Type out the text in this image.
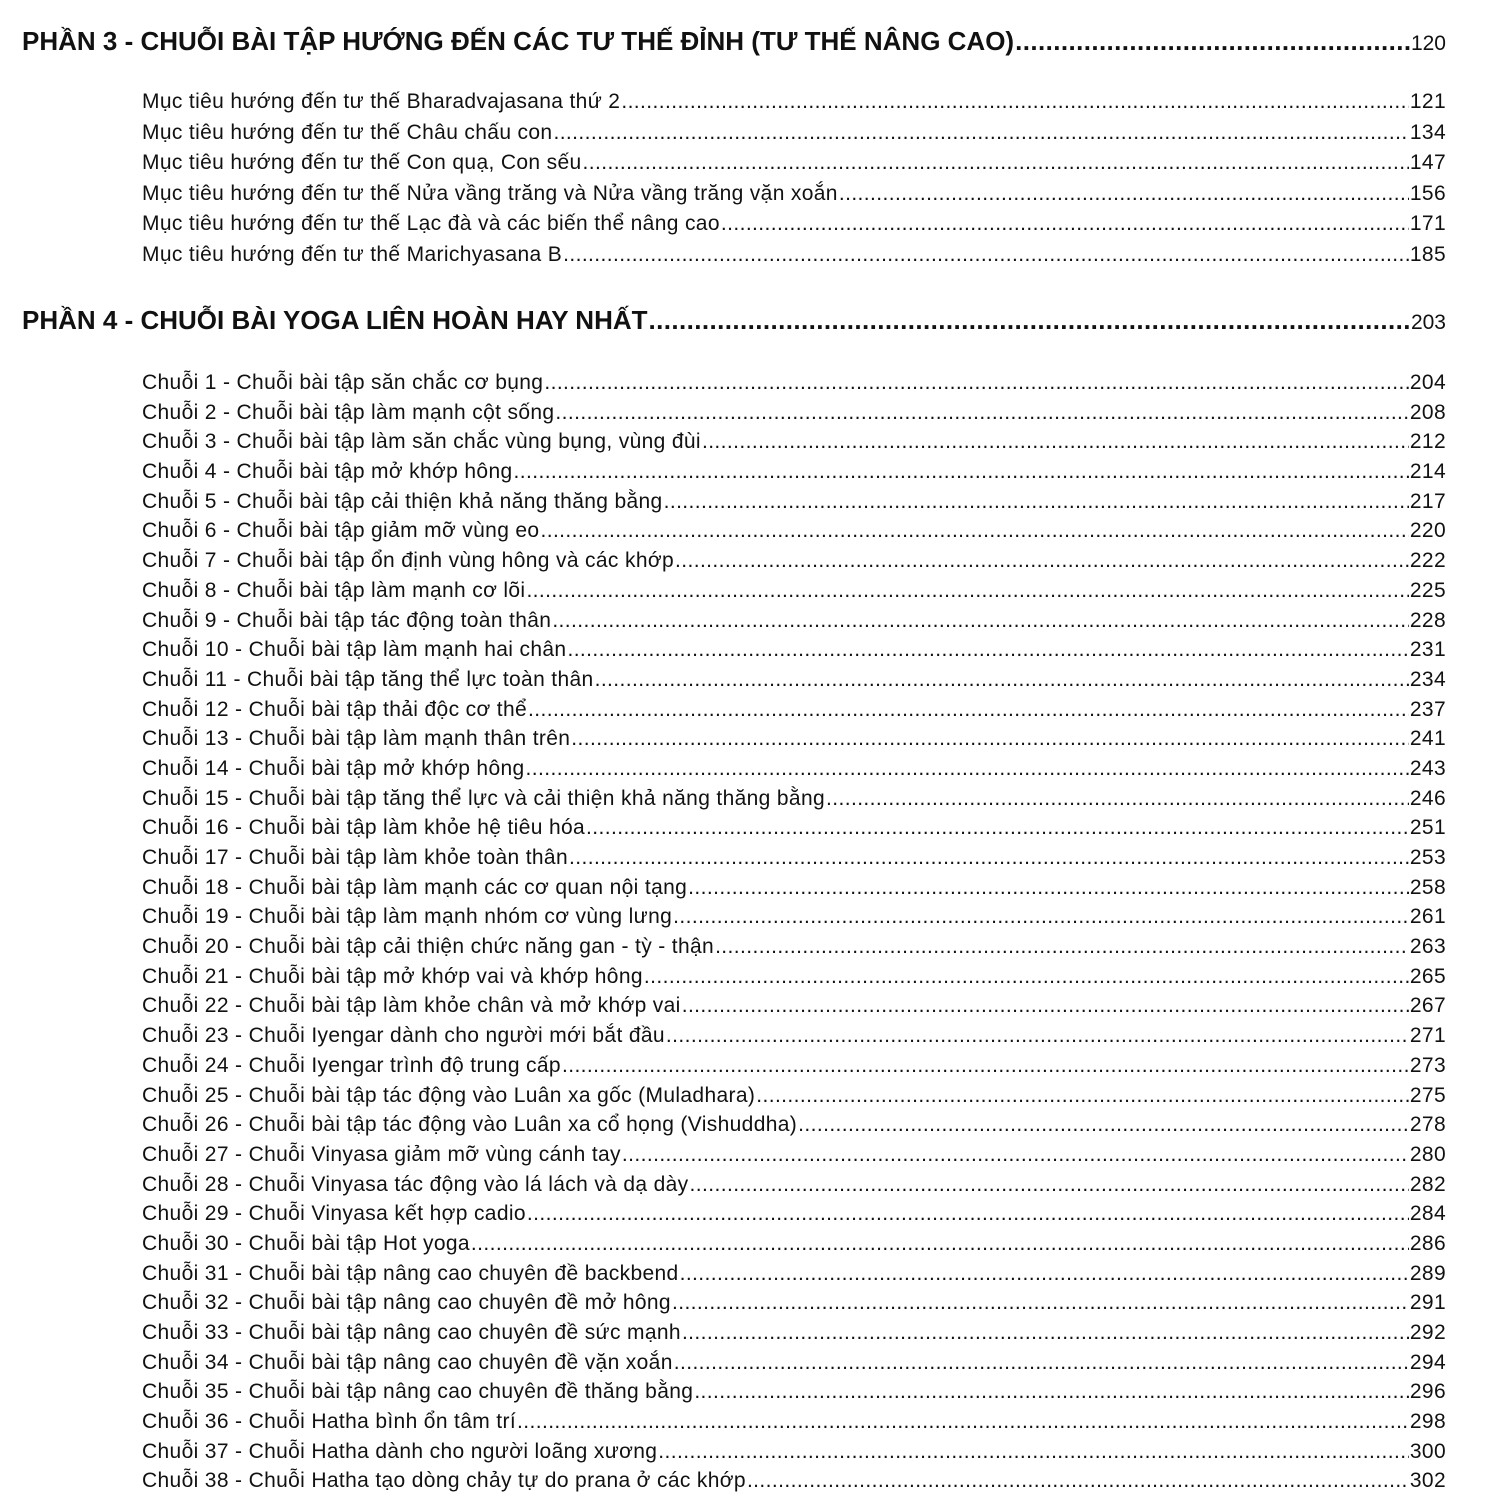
PHẦN 3 - CHUỖI BÀI TẬP HƯỚNG ĐẾN CÁC TƯ THẾ ĐỈNH (TƯ THẾ NÂNG CAO) .....	120
Mục tiêu hướng đến tư thế Bharadvajasana thứ 2 .....	121
Mục tiêu hướng đến tư thế Châu chấu con .....	134
Mục tiêu hướng đến tư thế Con quạ, Con sếu .....	147
Mục tiêu hướng đến tư thế Nửa vầng trăng và Nửa vầng trăng vặn xoắn .....	156
Mục tiêu hướng đến tư thế Lạc đà và các biến thể nâng cao .....	171
Mục tiêu hướng đến tư thế Marichyasana B .....	185
PHẦN 4 - CHUỖI BÀI YOGA LIÊN HOÀN HAY NHẤT .....	203
Chuỗi 1 - Chuỗi bài tập săn chắc cơ bụng .....	204
Chuỗi 2 - Chuỗi bài tập làm mạnh cột sống .....	208
Chuỗi 3 - Chuỗi bài tập làm săn chắc vùng bụng, vùng đùi .....	212
Chuỗi 4 - Chuỗi bài tập mở khớp hông .....	214
Chuỗi 5 - Chuỗi bài tập cải thiện khả năng thăng bằng .....	217
Chuỗi 6 - Chuỗi bài tập giảm mỡ vùng eo .....	220
Chuỗi 7 - Chuỗi bài tập ổn định vùng hông và các khớp .....	222
Chuỗi 8 - Chuỗi bài tập làm mạnh cơ lõi .....	225
Chuỗi 9 - Chuỗi bài tập tác động toàn thân .....	228
Chuỗi 10 - Chuỗi bài tập làm mạnh hai chân .....	231
Chuỗi 11 - Chuỗi bài tập tăng thể lực toàn thân .....	234
Chuỗi 12 - Chuỗi bài tập thải độc cơ thể .....	237
Chuỗi 13 - Chuỗi bài tập làm mạnh thân trên .....	241
Chuỗi 14 - Chuỗi bài tập mở khớp hông .....	243
Chuỗi 15 - Chuỗi bài tập tăng thể lực và cải thiện khả năng thăng bằng .....	246
Chuỗi 16 - Chuỗi bài tập làm khỏe hệ tiêu hóa .....	251
Chuỗi 17 - Chuỗi bài tập làm khỏe toàn thân .....	253
Chuỗi 18 - Chuỗi bài tập làm mạnh các cơ quan nội tạng .....	258
Chuỗi 19 - Chuỗi bài tập làm mạnh nhóm cơ vùng lưng .....	261
Chuỗi 20 - Chuỗi bài tập cải thiện chức năng gan - tỳ - thận .....	263
Chuỗi 21 - Chuỗi bài tập mở khớp vai và khớp hông .....	265
Chuỗi 22 - Chuỗi bài tập làm khỏe chân và mở khớp vai .....	267
Chuỗi 23 - Chuỗi Iyengar dành cho người mới bắt đầu .....	271
Chuỗi 24 - Chuỗi Iyengar trình độ trung cấp .....	273
Chuỗi 25 - Chuỗi bài tập tác động vào Luân xa gốc (Muladhara) .....	275
Chuỗi 26 - Chuỗi bài tập tác động vào Luân xa cổ họng (Vishuddha) .....	278
Chuỗi 27 - Chuỗi Vinyasa giảm mỡ vùng cánh tay .....	280
Chuỗi 28 - Chuỗi Vinyasa tác động vào lá lách và dạ dày .....	282
Chuỗi 29 - Chuỗi Vinyasa kết hợp cadio .....	284
Chuỗi 30 - Chuỗi bài tập Hot yoga .....	286
Chuỗi 31 - Chuỗi bài tập nâng cao chuyên đề backbend .....	289
Chuỗi 32 - Chuỗi bài tập nâng cao chuyên đề mở hông .....	291
Chuỗi 33 - Chuỗi bài tập nâng cao chuyên đề sức mạnh .....	292
Chuỗi 34 - Chuỗi bài tập nâng cao chuyên đề vặn xoắn .....	294
Chuỗi 35 - Chuỗi bài tập nâng cao chuyên đề thăng bằng .....	296
Chuỗi 36 - Chuỗi Hatha bình ổn tâm trí .....	298
Chuỗi 37 - Chuỗi Hatha dành cho người loãng xương .....	300
Chuỗi 38 - Chuỗi Hatha tạo dòng chảy tự do prana ở các khớp .....	302
